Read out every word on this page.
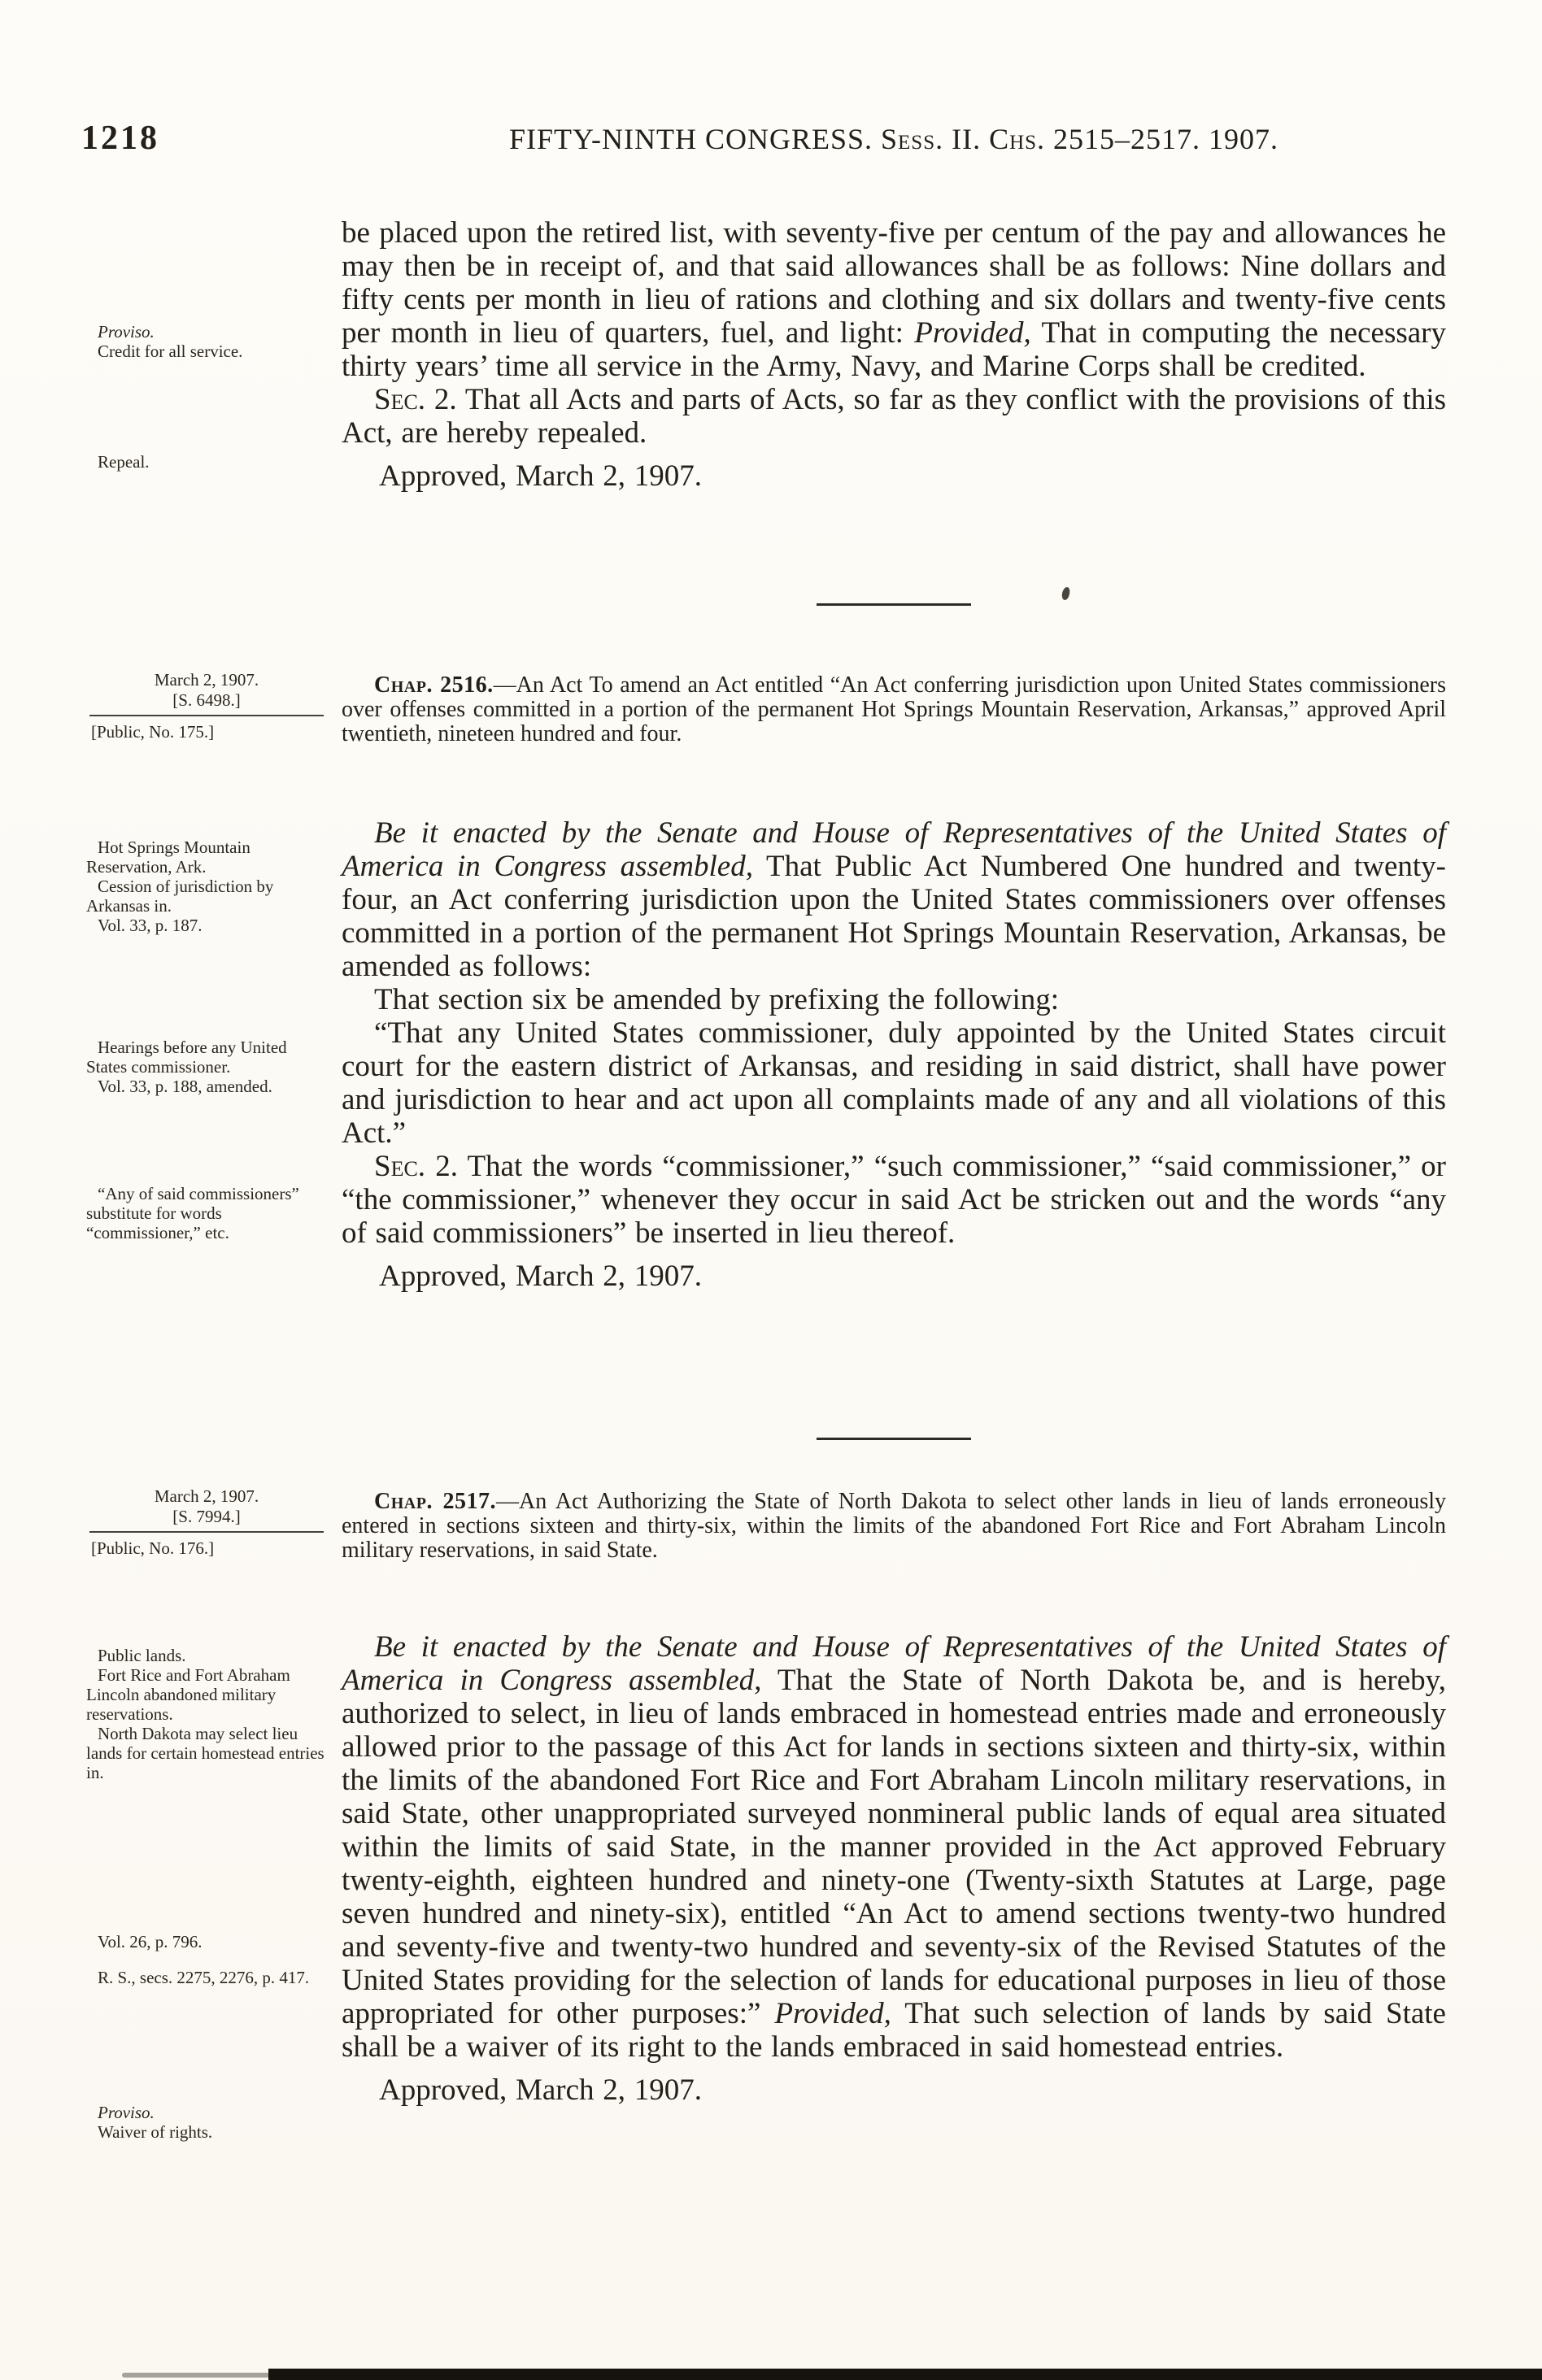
1218	FIFTY-NINTH CONGRESS. Sess. II. Chs. 2515–2517. 1907.
Proviso.
Credit for all service.
Repeal.

be placed upon the retired list, with seventy-five per centum of the pay and allowances he may then be in receipt of, and that said allowances shall be as follows: Nine dollars and fifty cents per month in lieu of rations and clothing and six dollars and twenty-five cents per month in lieu of quarters, fuel, and light: Provided, That in computing the necessary thirty years’ time all service in the Army, Navy, and Marine Corps shall be credited.

Sec. 2. That all Acts and parts of Acts, so far as they conflict with the provisions of this Act, are hereby repealed.

Approved, March 2, 1907.

March 2, 1907.
[S. 6498.]
[Public, No. 175.]
Hot Springs Mountain Reservation, Ark.
Cession of jurisdiction by Arkansas in.
Vol. 33, p. 187.
Hearings before any United States commissioner.
Vol. 33, p. 188, amended.
“Any of said commissioners” substitute for words “commissioner,” etc.

Chap. 2516.—An Act To amend an Act entitled “An Act conferring jurisdiction upon United States commissioners over offenses committed in a portion of the permanent Hot Springs Mountain Reservation, Arkansas,” approved April twentieth, nineteen hundred and four.

Be it enacted by the Senate and House of Representatives of the United States of America in Congress assembled, That Public Act Numbered One hundred and twenty-four, an Act conferring jurisdiction upon the United States commissioners over offenses committed in a portion of the permanent Hot Springs Mountain Reservation, Arkansas, be amended as follows:

That section six be amended by prefixing the following:

“That any United States commissioner, duly appointed by the United States circuit court for the eastern district of Arkansas, and residing in said district, shall have power and jurisdiction to hear and act upon all complaints made of any and all violations of this Act.”

Sec. 2. That the words “commissioner,” “such commissioner,” “said commissioner,” or “the commissioner,” whenever they occur in said Act be stricken out and the words “any of said commissioners” be inserted in lieu thereof.

Approved, March 2, 1907.

March 2, 1907.
[S. 7994.]
[Public, No. 176.]
Public lands.
Fort Rice and Fort Abraham Lincoln abandoned military reservations.
North Dakota may select lieu lands for certain homestead entries in.
Vol. 26, p. 796.
R. S., secs. 2275, 2276, p. 417.
Proviso.
Waiver of rights.

Chap. 2517.—An Act Authorizing the State of North Dakota to select other lands in lieu of lands erroneously entered in sections sixteen and thirty-six, within the limits of the abandoned Fort Rice and Fort Abraham Lincoln military reservations, in said State.

Be it enacted by the Senate and House of Representatives of the United States of America in Congress assembled, That the State of North Dakota be, and is hereby, authorized to select, in lieu of lands embraced in homestead entries made and erroneously allowed prior to the passage of this Act for lands in sections sixteen and thirty-six, within the limits of the abandoned Fort Rice and Fort Abraham Lincoln military reservations, in said State, other unappropriated surveyed nonmineral public lands of equal area situated within the limits of said State, in the manner provided in the Act approved February twenty-eighth, eighteen hundred and ninety-one (Twenty-sixth Statutes at Large, page seven hundred and ninety-six), entitled “An Act to amend sections twenty-two hundred and seventy-five and twenty-two hundred and seventy-six of the Revised Statutes of the United States providing for the selection of lands for educational purposes in lieu of those appropriated for other purposes:” Provided, That such selection of lands by said State shall be a waiver of its right to the lands embraced in said homestead entries.

Approved, March 2, 1907.
